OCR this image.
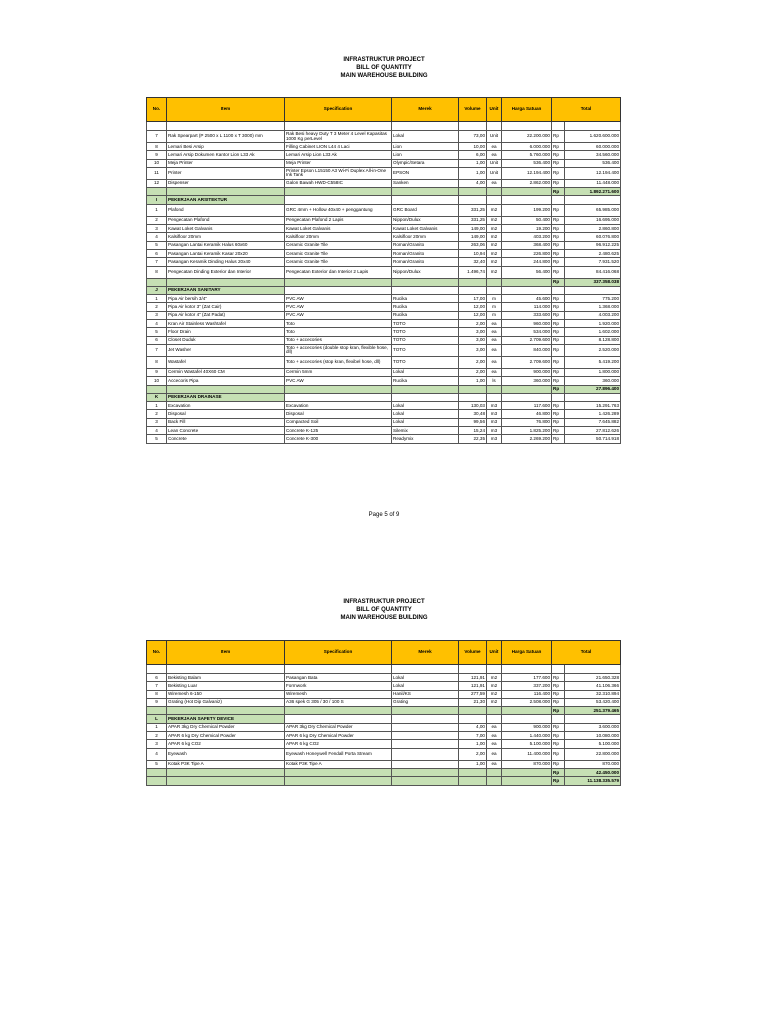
INFRASTRUKTUR PROJECT
BILL OF QUANTITY
MAIN WAREHOUSE BUILDING
No.	Item	Specification	Merek	Volume	Unit	Harga Satuan	Total	

7	Rak Spearpart (P 2500 x L 1100 x T 3000) mm	Rak Besi heavy Duty T 3 Meter 4 Level Kapasitas 1000 Kg perLevel	Lokal	73,00	Unit	22.200.000	Rp	1.620.600.000
8	Lemari Besi Arsip	Filling Cabinet LION L44 4 Laci	Lion	10,00	ea	6.000.000	Rp	60.000.000
9	Lemari Arsip Dokumen Kantor Lion L33 Ak	Lemari Arsip Lion L33 Ak	Lion	6,00	ea	5.760.000	Rp	34.560.000
10	Meja Printer	Meja Printer	Olympic/Setara	1,00	Unit	536.400	Rp	536.400
11	Printer	Printer Epson L15150 A3 Wi-Fi Duplex All-in-One Ink Tank	EPSON	1,00	Unit	12.194.400	Rp	12.194.400
12	Dispenser	Galon Bawah HWD-C558IC	Sanken	4,00	ea	2.862.000	Rp	11.448.000
							Rp	1.892.271.600
I	PEKERJAAN ARSITEKTUR							
1	Plafond	GRC 4mm + Hollow 40x40 + penggantung	GRC Board	331,25	m2	199.200	Rp	65.985.000
2	Pengecatan Plafond	Pengecatan Plafond 2 Lapis	Nippon/Dulux	331,25	m2	50.400	Rp	16.695.000
3	Kawat Loket Galvanis	Kawat Loket Galvanis	Kawat Loket Galvanis	149,00	m2	19.200	Rp	2.860.800
4	Kalsifloor 20mm	Kalsifloor 20mm	Kalsifloor 20mm	149,00	m2	403.200	Rp	60.076.800
5	Pasangan Lantai Keramik Halus 60x60	Ceramic Granite Tile	Roman/Granito	263,06	m2	368.400	Rp	96.912.225
6	Pasangan Lantai Keramik Kasar 20x20	Ceramic Granite Tile	Roman/Granito	10,94	m2	226.800	Rp	2.480.625
7	Pasangan Keramik Dinding Halus 20x40	Ceramic Granite Tile	Roman/Granito	32,40	m2	244.800	Rp	7.931.520
8	Pengecatan Dinding Exterior dan Interior	Pengecatan Exterior dan Interior 2 Lapis	Nippon/Dulux	1.496,74	m2	56.400	Rp	84.416.068
							Rp	337.358.038
J	PEKERJAAN SANITARY							
1	Pipa Air bersih 3/4"	PVC AW	Rucika	17,00	m	45.600	Rp	775.200
2	Pipa Air kotor 3" (Zat Cair)	PVC AW	Rucika	12,00	m	114.000	Rp	1.368.000
3	Pipa Air kotor 4" (Zat Padat)	PVC AW	Rucika	12,00	m	333.600	Rp	4.003.200
4	Kran Air Stainless Washtafel	Toto	TOTO	2,00	ea	960.000	Rp	1.920.000
5	Floor Drain	Toto	TOTO	3,00	ea	534.000	Rp	1.602.000
6	Closet Duduk	Toto + accecories	TOTO	3,00	ea	2.709.600	Rp	8.128.800
7	Jet Washer	Toto + accecories (double stop kran, flexible hose, dll)	TOTO	3,00	ea	840.000	Rp	2.520.000
8	Wastafel	Toto + accecories (stop kran, flexibel hose, dll)	TOTO	2,00	ea	2.709.600	Rp	5.419.200
9	Cermin Wastafel 40X60 CM	Cermin 5mm	Lokal	2,00	ea	900.000	Rp	1.800.000
10	Accecoris Pipa	PVC AW	Rucika	1,00	ls	360.000	Rp	360.000
							Rp	27.896.400
K	PEKERJAAN DRAINASE							
1	Excavation	Excavation	Lokal	130,03	m3	117.600	Rp	15.291.763
2	Disposal	Disposal	Lokal	30,48	m3	46.800	Rp	1.426.289
3	Back Fill	Compacted Soil	Lokal	99,56	m3	76.800	Rp	7.645.882
4	Lean Concrete	Concrete K-125	Silemix	15,24	m3	1.825.200	Rp	27.812.626
5	Concrete	Concrete K-300	Readymix	22,35	m3	2.269.200	Rp	50.714.918
Page 5 of 9
INFRASTRUKTUR PROJECT
BILL OF QUANTITY
MAIN WAREHOUSE BUILDING
No.	Item	Specification	Merek	Volume	Unit	Harga Satuan	Total	

6	Bekisting Balam	Pasangan Bata	Lokal	121,91	m2	177.600	Rp	21.650.328
7	Bekisting Luar	Formwork	Lokal	121,91	m2	337.200	Rp	41.106.366
8	Wiremesh 6-150	Wiremesh	Hanil/KS	277,59	m2	116.400	Rp	32.310.894
9	Grating (Hot Dip Galvaniz)	A36 spek G 305 / 30 / 100 S	Grating	21,30	m2	2.508.000	Rp	53.420.400
							Rp	251.379.465
L	PEKERJAAN SAFETY DEVICE							
1	APAR 3kg Dry Chemical Powder	APAR 3kg Dry Chemical Powder		4,00	ea	900.000	Rp	3.600.000
2	APAR 6 kg Dry Chemical Powder	APAR 6 kg Dry Chemical Powder		7,00	ea	1.440.000	Rp	10.080.000
3	APAR 6 kg CO2	APAR 6 kg CO2		1,00	ea	5.100.000	Rp	5.100.000
4	Eyewash	Eyewash Honeywell Fendall Porta Stream		2,00	ea	11.400.000	Rp	22.800.000
5	Kotak P3K Tipe A	Kotak P3K Tipe A		1,00	ea	870.000	Rp	870.000
							Rp	42.450.000
							Rp	11.138.335.579
